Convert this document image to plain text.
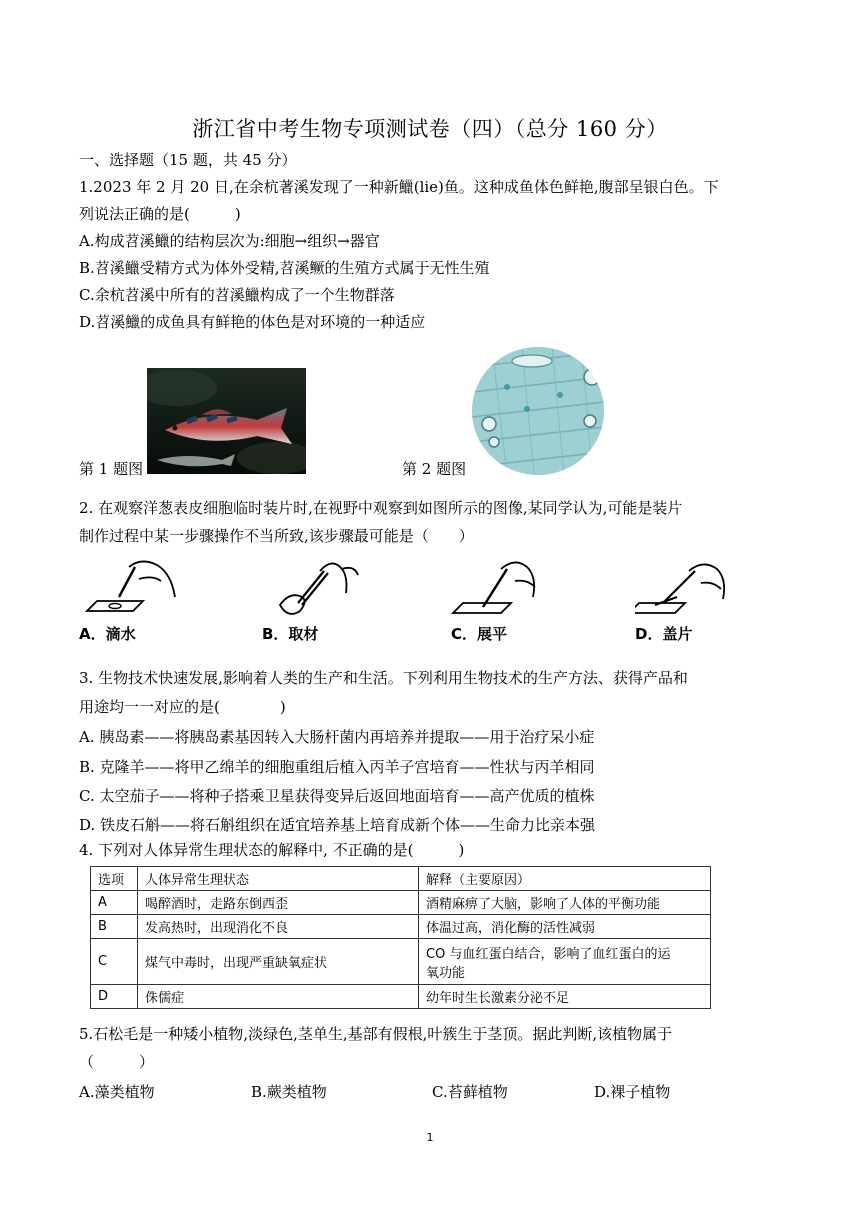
浙江省中考生物专项测试卷（四）（总分 160 分）
一、选择题（15 题，共 45 分）
1.2023 年 2 月 20 日,在余杭著溪发现了一种新鱲(lie)鱼。这种成鱼体色鲜艳,腹部呈银白色。下
列说法正确的是(　　　)
A.构成苕溪鱲的结构层次为:细胞→组织→器官
B.苕溪鱲受精方式为体外受精,苕溪鳜的生殖方式属于无性生殖
C.余杭苕溪中所有的苕溪鱲构成了一个生物群落
D.苕溪鱲的成鱼具有鲜艳的体色是对环境的一种适应
第 1 题图	第 2 题图
2. 在观察洋葱表皮细胞临时装片时,在视野中观察到如图所示的图像,某同学认为,可能是装片
制作过程中某一步骤操作不当所致,该步骤最可能是（　　）
A．滴水	B．取材	C．展平	D．盖片
3. 生物技术快速发展,影响着人类的生产和生活。下列利用生物技术的生产方法、获得产品和
用途均一一对应的是(　　　　)
A. 胰岛素——将胰岛素基因转入大肠杆菌内再培养并提取——用于治疗呆小症
B. 克隆羊——将甲乙绵羊的细胞重组后植入丙羊子宫培育——性状与丙羊相同
C. 太空茄子——将种子搭乘卫星获得变异后返回地面培育——高产优质的植株
D. 铁皮石斛——将石斛组织在适宜培养基上培育成新个体——生命力比亲本强
4. 下列对人体异常生理状态的解释中, 不正确的是(　　　)
选项	人体异常生理状态	解释（主要原因）
A	喝醉酒时，走路东倒西歪	酒精麻痹了大脑，影响了人体的平衡功能
B	发高热时，出现消化不良	体温过高，消化酶的活性减弱
C	煤气中毒时，出现严重缺氧症状	CO 与血红蛋白结合，影响了血红蛋白的运
氧功能

D	侏儒症	幼年时生长激素分泌不足
5.石松毛是一种矮小植物,淡绿色,茎单生,基部有假根,叶簇生于茎顶。据此判断,该植物属于
（　　　）
A.藻类植物	B.蕨类植物	C.苔藓植物	D.裸子植物
1
